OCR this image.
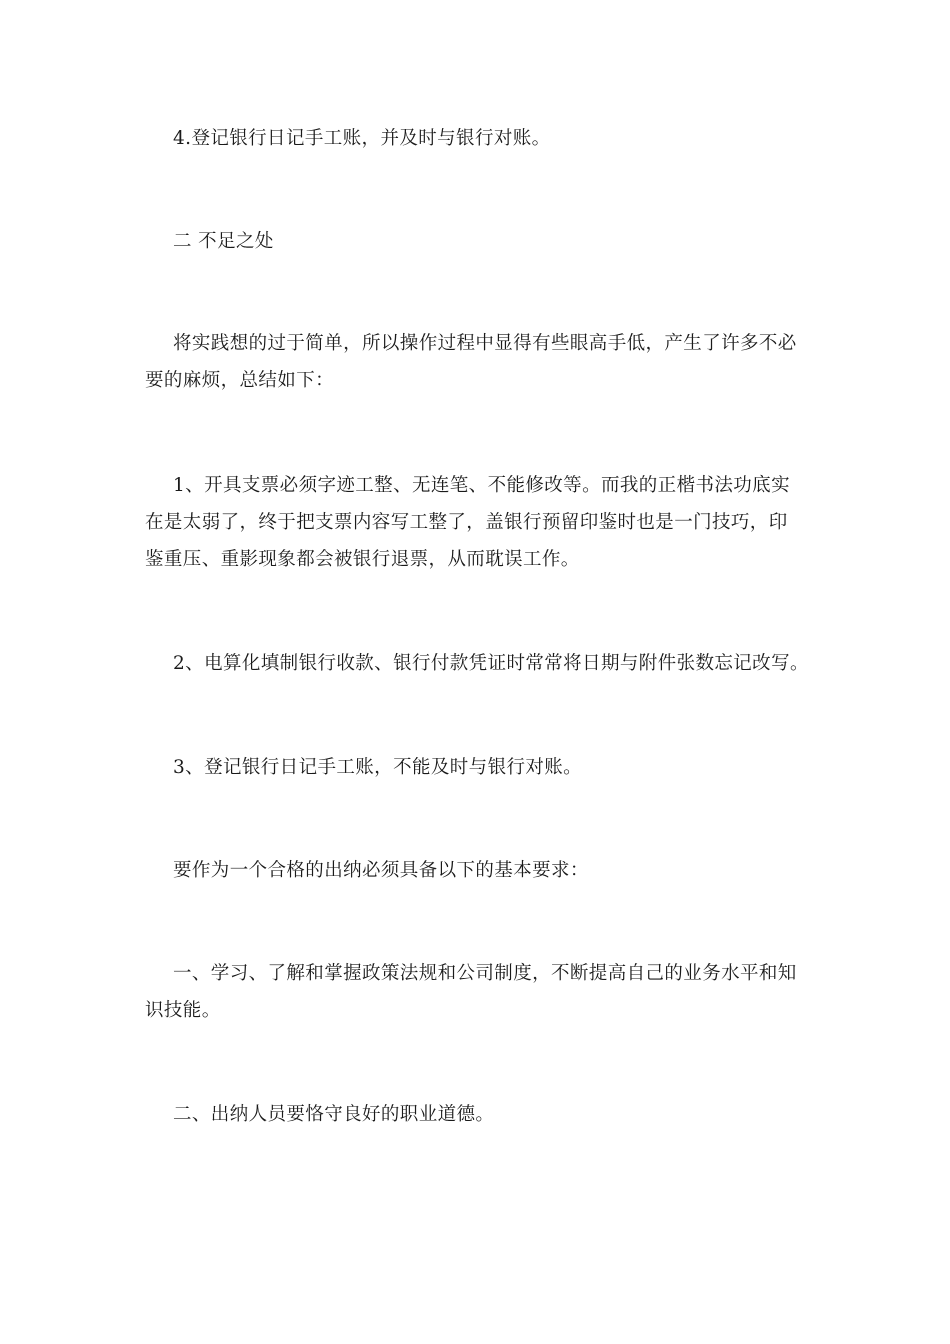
4.登记银行日记手工账，并及时与银行对账。
二 不足之处
将实践想的过于简单，所以操作过程中显得有些眼高手低，产生了许多不必
要的麻烦，总结如下：
1、开具支票必须字迹工整、无连笔、不能修改等。而我的正楷书法功底实
在是太弱了，终于把支票内容写工整了，盖银行预留印鉴时也是一门技巧，印
鉴重压、重影现象都会被银行退票，从而耽误工作。
2、电算化填制银行收款、银行付款凭证时常常将日期与附件张数忘记改写。
3、登记银行日记手工账，不能及时与银行对账。
要作为一个合格的出纳必须具备以下的基本要求：
一、学习、了解和掌握政策法规和公司制度，不断提高自己的业务水平和知
识技能。
二、出纳人员要恪守良好的职业道德。
